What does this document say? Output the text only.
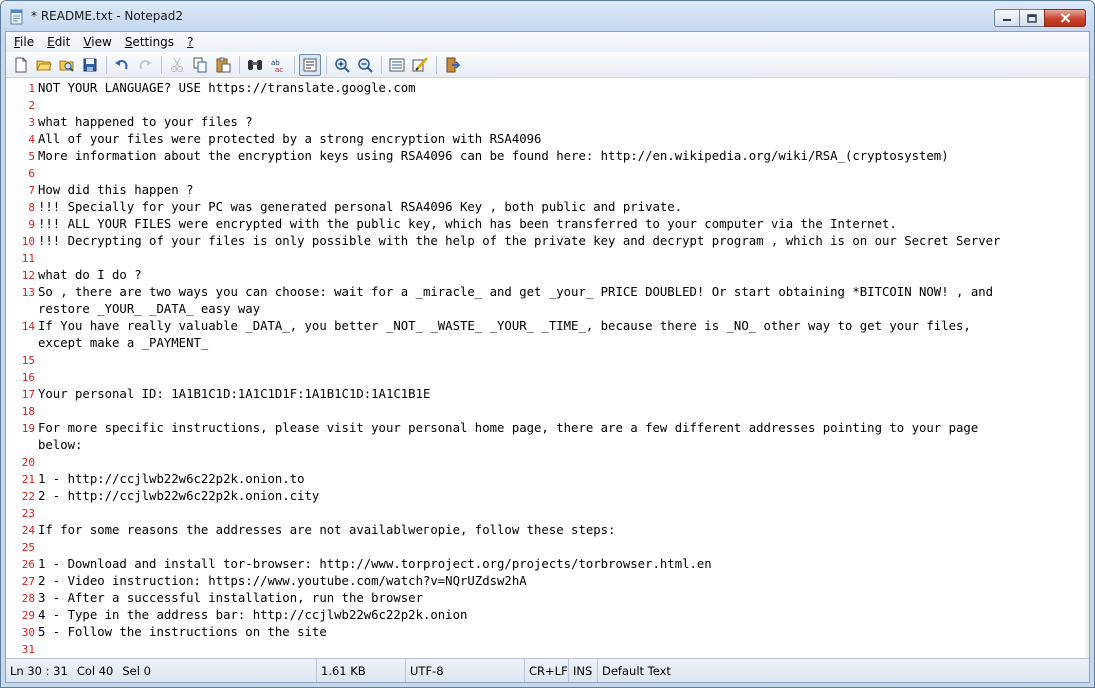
* README.txt - Notepad2
File	Edit	View	Settings	?
ab
ac
1 NOT YOUR LANGUAGE? USE https://translate.google.com
2
3 what happened to your files ?
4 All of your files were protected by a strong encryption with RSA4096
5 More information about the encryption keys using RSA4096 can be found here: http://en.wikipedia.org/wiki/RSA_(cryptosystem)
6
7 How did this happen ?
8 !!! Specially for your PC was generated personal RSA4096 Key , both public and private.
9 !!! ALL YOUR FILES were encrypted with the public key, which has been transferred to your computer via the Internet.
10 !!! Decrypting of your files is only possible with the help of the private key and decrypt program , which is on our Secret Server
11
12 what do I do ?
13 So , there are two ways you can choose: wait for a _miracle_ and get _your_ PRICE DOUBLED! Or start obtaining *BITCOIN NOW! , and
restore _YOUR_ _DATA_ easy way
14 If You have really valuable _DATA_, you better _NOT_ _WASTE_ _YOUR_ _TIME_, because there is _NO_ other way to get your files,
except make a _PAYMENT_
15
16
17 Your personal ID: 1A1B1C1D:1A1C1D1F:1A1B1C1D:1A1C1B1E
18
19 For more specific instructions, please visit your personal home page, there are a few different addresses pointing to your page
below:
20
21 1 - http://ccjlwb22w6c22p2k.onion.to
22 2 - http://ccjlwb22w6c22p2k.onion.city
23
24 If for some reasons the addresses are not availablweгopie, follow these steps:
25
26 1 - Download and install tor-browser: http://www.torproject.org/projects/torbrowser.html.en
27 2 - Video instruction: https://www.youtube.com/watch?v=NQrUZdsw2hA
28 3 - After a successful installation, run the browser
29 4 - Type in the address bar: http://ccjlwb22w6c22p2k.onion
30 5 - Follow the instructions on the site
31
Ln 30 : 31 Col 40 Sel 0	1.61 KB	UTF-8	CR+LF INS Default Text
